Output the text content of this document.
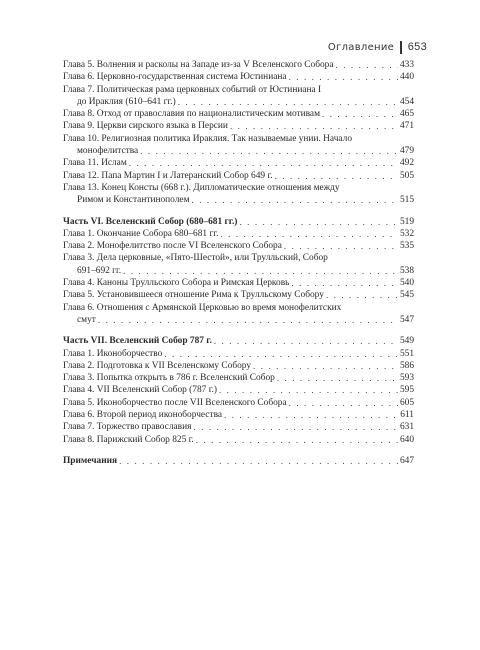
Оглавление 653
Глава 5. Волнения и расколы на Западе из-за V Вселенского Собора . . .	433
Глава 6. Церковно-государственная система Юстиниана . . .	440
Глава 7. Политическая рама церковных событий от Юстиниана I
до Ираклия (610–641 гг.) . . .	454
Глава 8. Отход от православия по националистическим мотивам . . .	465
Глава 9. Церкви сирского языка в Персии . . .	471
Глава 10. Религиозная политика Ираклия. Так называемые унии. Начало
монофелитства . . .	479
Глава 11. Ислам . . .	492
Глава 12. Папа Мартин I и Латеранский Собор 649 г. . . .	505
Глава 13. Конец Консты (668 г.). Дипломатические отношения между
Римом и Константинополем . . .	515
Часть VI. Вселенский Собор (680–681 гг.) . . .	519
Глава 1. Окончание Собора 680–681 гг. . . .	532
Глава 2. Монофелитство после VI Вселенского Собора . . .	535
Глава 3. Дела церковные, «Пято-Шестой», или Трулльский, Собор
691–692 гг. . . .	538
Глава 4. Каноны Трулльского Собора и Римская Церковь . . .	540
Глава 5. Установившееся отношение Рима к Трулльскому Собору . . .	545
Глава 6. Отношения с Армянской Церковью во время монофелитских
смут . . .	547
Часть VII. Вселенский Собор 787 г. . . .	549
Глава 1. Иконоборчество . . .	551
Глава 2. Подготовка к VII Вселенскому Собору . . .	586
Глава 3. Попытка открыть в 786 г. Вселенский Собор . . .	593
Глава 4. VII Вселенский Собор (787 г.) . . .	595
Глава 5. Иконоборчество после VII Вселенского Собора . . .	605
Глава 6. Второй период иконоборчества . . .	611
Глава 7. Торжество православия . . .	631
Глава 8. Парижский Собор 825 г. . . .	640
Примечания . . .	647
